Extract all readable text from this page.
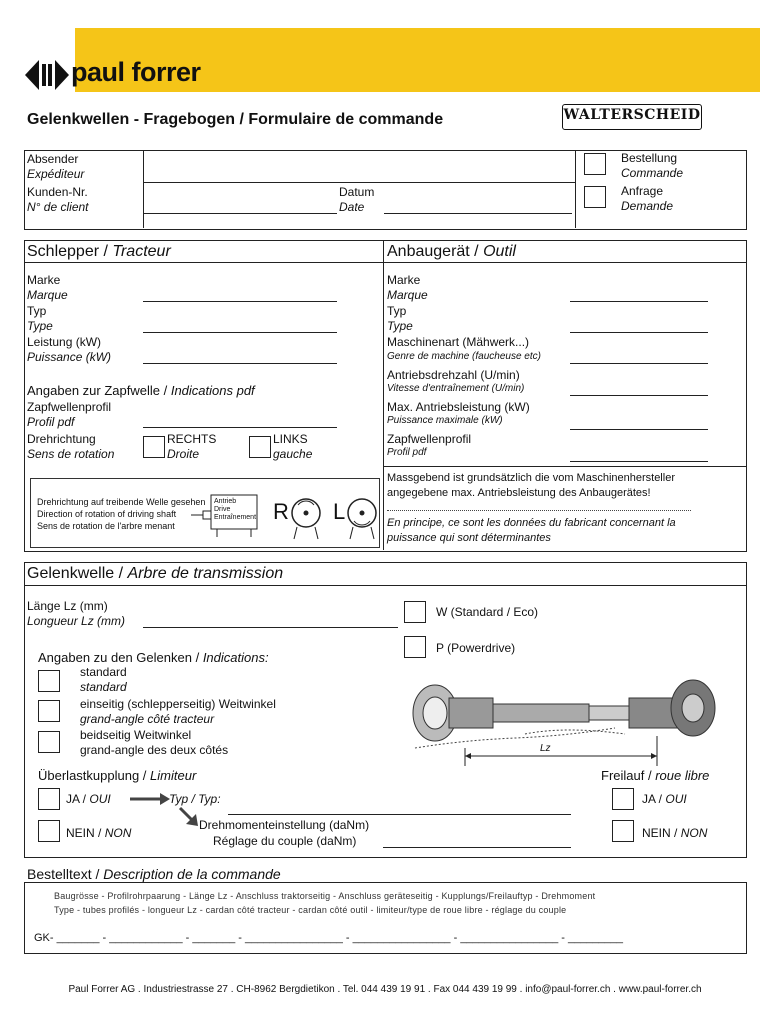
paul forrer
Gelenkwellen - Fragebogen / Formulaire de commande	WALTERSCHEID
Absender
Expéditeur
Kunden-Nr.
N° de client
Datum
Date
Bestellung
Commande
Anfrage
Demande
Schlepper / Tracteur
Marke
Marque
Typ
Type
Leistung (kW)
Puissance (kW)
Angaben zur Zapfwelle / Indications pdf
Zapfwellenprofil
Profil pdf
Drehrichtung
Sens de rotation
RECHTS
Droite
LINKS
gauche
Drehrichtung auf treibende Welle gesehen
Direction of rotation of driving shaft
Sens de rotation de l'arbre menant
Antrieb
Drive
Entraînement R L
Anbaugerät / Outil
Marke
Marque
Typ
Type
Maschinenart (Mähwerk...)
Genre de machine (faucheuse etc)
Antriebsdrehzahl (U/min)
Vitesse d'entraînement (U/min)
Max. Antriebsleistung (kW)
Puissance maximale (kW)
Zapfwellenprofil
Profil pdf
Massgebend ist grundsätzlich die vom Maschinenhersteller angegebene max. Antriebsleistung des Anbaugerätes!
En principe, ce sont les données du fabricant concernant la puissance qui sont déterminantes
Gelenkwelle / Arbre de transmission
Länge Lz (mm)
Longueur Lz (mm)
W (Standard / Eco)
P (Powerdrive)
Angaben zu den Gelenken / Indications:
standard
standard
einseitig (schlepperseitig) Weitwinkel
grand-angle côté tracteur
beidseitig Weitwinkel
grand-angle des deux côtés	Lz
Überlastkupplung / Limiteur	Freilauf / roue libre
JA / OUI	Typ / Typ:
NEIN / NON
Drehmomenteinstellung (daNm)
Réglage du couple (daNm)
JA / OUI
NEIN / NON
Bestelltext / Description de la commande
Baugrösse - Profilrohrpaarung - Länge Lz - Anschluss traktorseitig - Anschluss geräteseitig - Kupplungs/Freilauftyp - Drehmoment
Type - tubes profilés - longueur Lz - cardan côté tracteur - cardan côté outil - limiteur/type de roue libre - réglage du couple
GK- _______ - ____________ - _______ - ________________ - ________________ - ________________ - _________
Paul Forrer AG . Industriestrasse 27 . CH-8962 Bergdietikon . Tel. 044 439 19 91 . Fax 044 439 19 99 . info@paul-forrer.ch . www.paul-forrer.ch
